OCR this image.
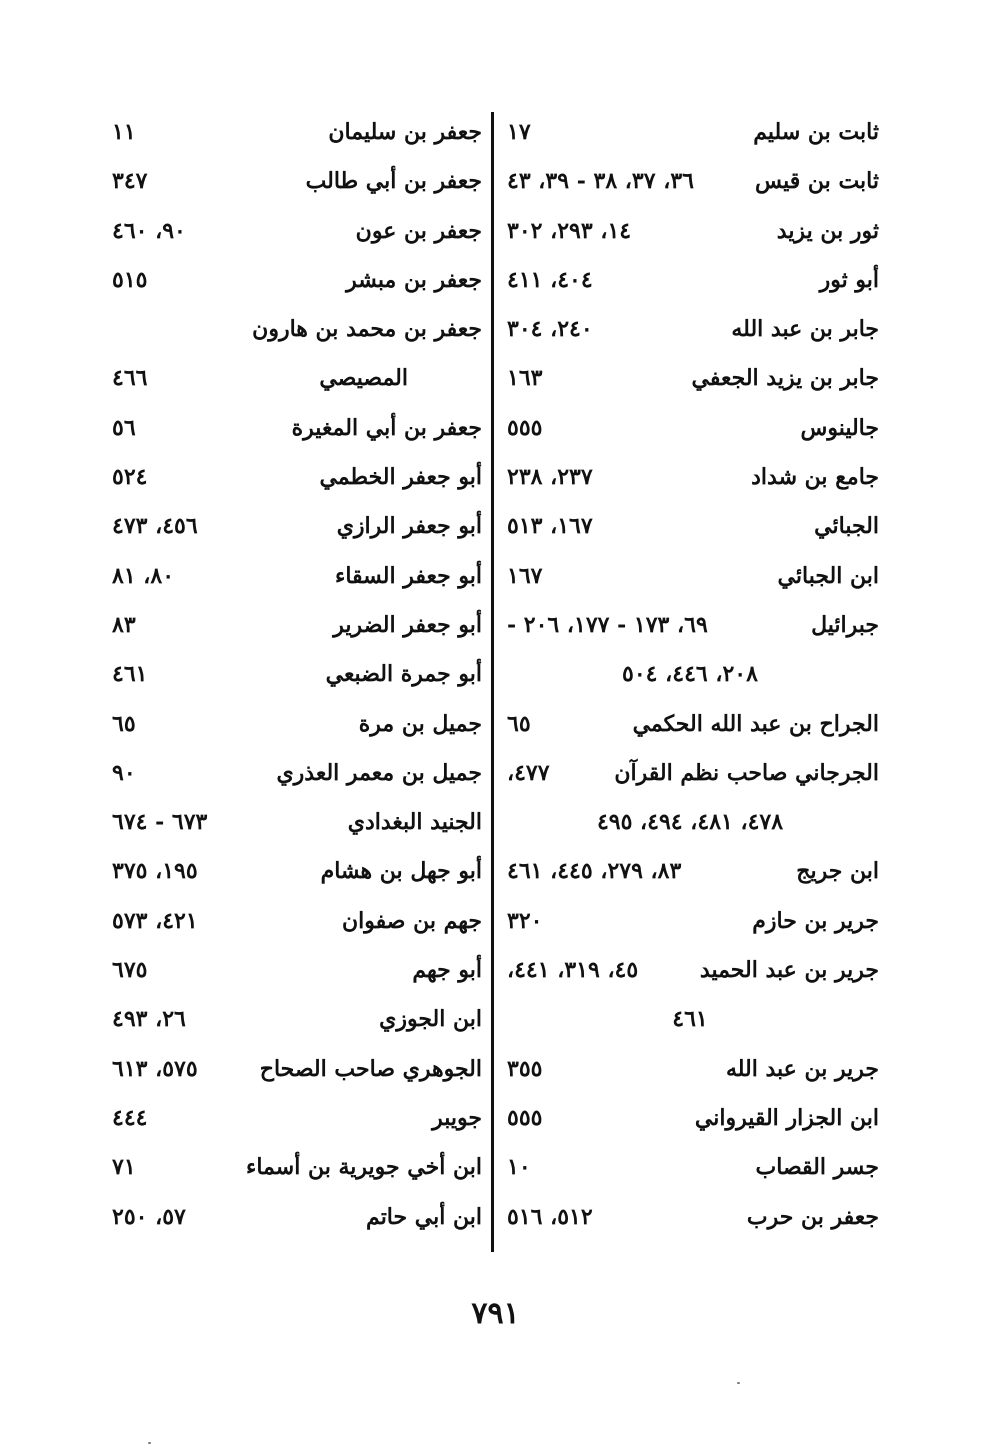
ثابت بن سليم
١٧
ثابت بن قيس
٣٦، ٣٧، ٣٨ - ٣٩، ٤٣
ثور بن يزيد
١٤، ٢٩٣، ٣٠٢
أبو ثور
٤٠٤، ٤١١
جابر بن عبد الله
٢٤٠، ٣٠٤
جابر بن يزيد الجعفي
١٦٣
جالينوس
٥٥٥
جامع بن شداد
٢٣٧، ٢٣٨
الجبائي
١٦٧، ٥١٣
ابن الجبائي
١٦٧
جبرائيل
٦٩، ١٧٣ - ١٧٧، ٢٠٦ -
٢٠٨، ٤٤٦، ٥٠٤
الجراح بن عبد الله الحكمي
٦٥
الجرجاني صاحب نظم القرآن
٤٧٧،
٤٧٨، ٤٨١، ٤٩٤، ٤٩٥
ابن جريج
٨٣، ٢٧٩، ٤٤٥، ٤٦١
جرير بن حازم
٣٢٠
جرير بن عبد الحميد
٤٥، ٣١٩، ٤٤١،
٤٦١
جرير بن عبد الله
٣٥٥
ابن الجزار القيرواني
٥٥٥
جسر القصاب
١٠
جعفر بن حرب
٥١٢، ٥١٦
جعفر بن سليمان
١١
جعفر بن أبي طالب
٣٤٧
جعفر بن عون
٩٠، ٤٦٠
جعفر بن مبشر
٥١٥
جعفر بن محمد بن هارون
المصيصي
٤٦٦
جعفر بن أبي المغيرة
٥٦
أبو جعفر الخطمي
٥٢٤
أبو جعفر الرازي
٤٥٦، ٤٧٣
أبو جعفر السقاء
٨٠، ٨١
أبو جعفر الضرير
٨٣
أبو جمرة الضبعي
٤٦١
جميل بن مرة
٦٥
جميل بن معمر العذري
٩٠
الجنيد البغدادي
٦٧٣ - ٦٧٤
أبو جهل بن هشام
١٩٥، ٣٧٥
جهم بن صفوان
٤٢١، ٥٧٣
أبو جهم
٦٧٥
ابن الجوزي
٢٦، ٤٩٣
الجوهري صاحب الصحاح
٥٧٥، ٦١٣
جويبر
٤٤٤
ابن أخي جويرية بن أسماء
٧١
ابن أبي حاتم
٥٧، ٢٥٠
٧٩١
